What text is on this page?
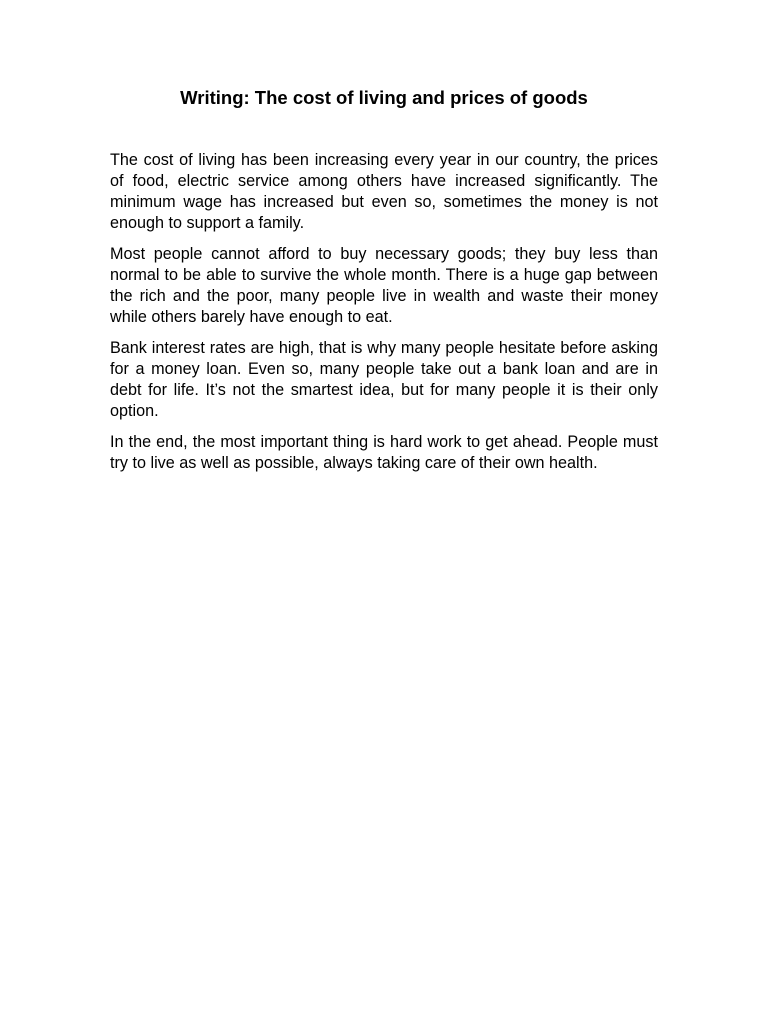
Writing: The cost of living and prices of goods

The cost of living has been increasing every year in our country, the prices of food, electric service among others have increased significantly. The minimum wage has increased but even so, sometimes the money is not enough to support a family.

Most people cannot afford to buy necessary goods; they buy less than normal to be able to survive the whole month. There is a huge gap between the rich and the poor, many people live in wealth and waste their money while others barely have enough to eat.

Bank interest rates are high, that is why many people hesitate before asking for a money loan. Even so, many people take out a bank loan and are in debt for life. It’s not the smartest idea, but for many people it is their only option.

In the end, the most important thing is hard work to get ahead. People must try to live as well as possible, always taking care of their own health.
